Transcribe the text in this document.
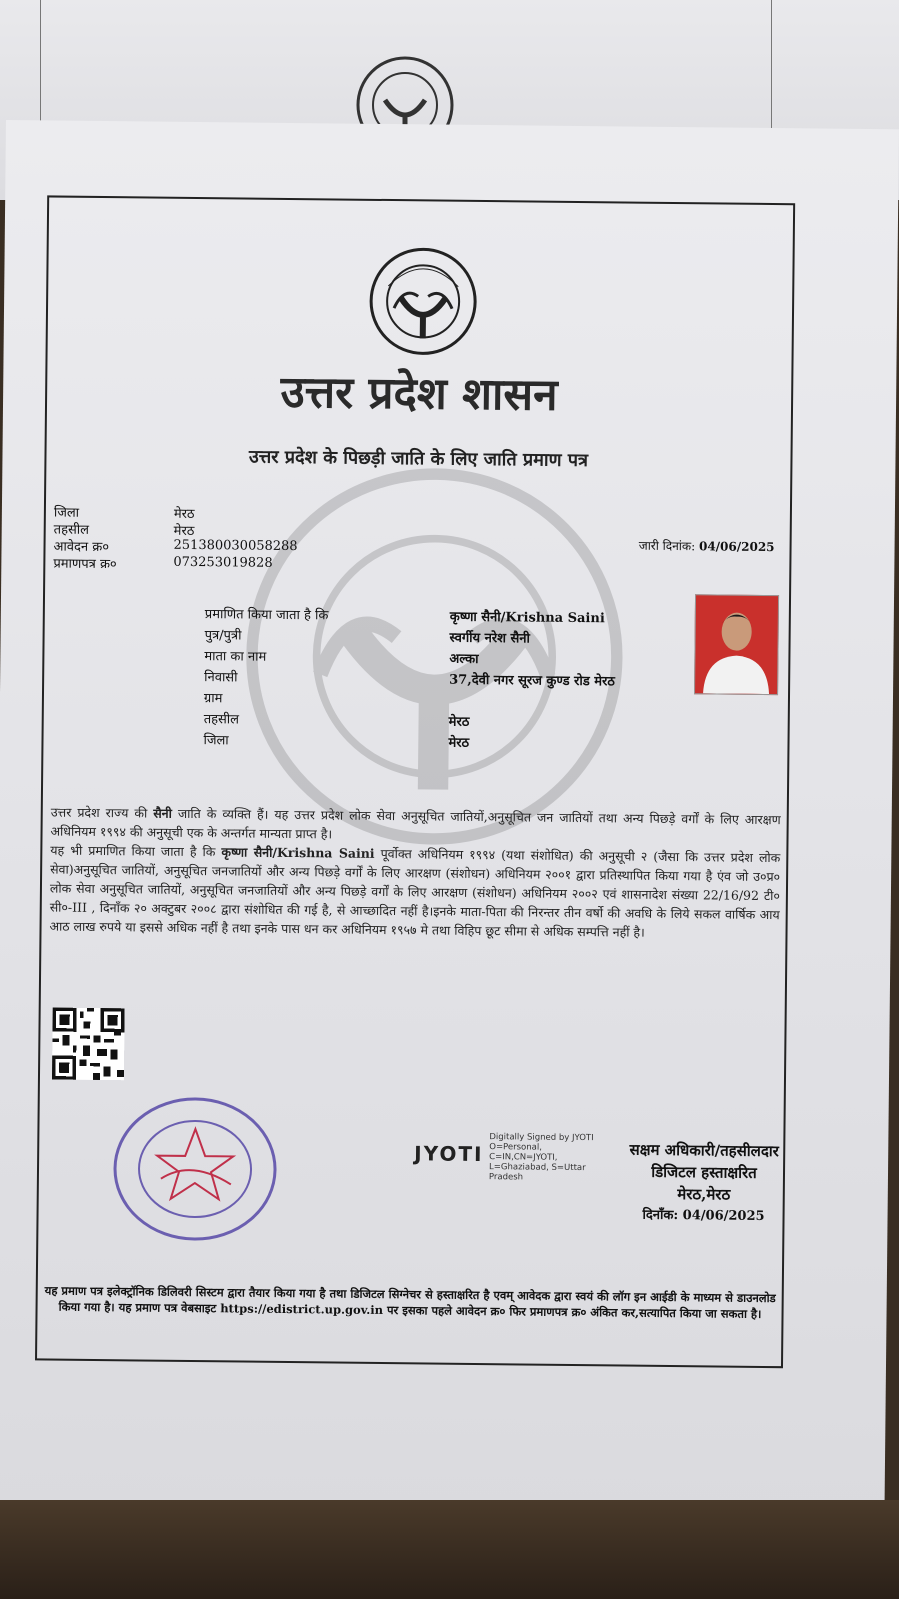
उत्तर प्रदेश शासन
उत्तर प्रदेश के पिछड़ी जाति के लिए जाति प्रमाण पत्र
जिला	मेरठ
तहसील	मेरठ
आवेदन क्र०	251380030058288
प्रमाणपत्र क्र०	073253019828
जारी दिनांक: 04/06/2025
प्रमाणित किया जाता है कि	कृष्णा सैनी/Krishna Saini
पुत्र/पुत्री	स्वर्गीय नरेश सैनी
माता का नाम	अल्का
निवासी	37,देवी नगर सूरज कुण्ड रोड मेरठ
ग्राम
तहसील	मेरठ
जिला	मेरठ
उत्तर प्रदेश राज्य की सैनी जाति के व्यक्ति हैं। यह उत्तर प्रदेश लोक सेवा अनुसूचित जातियों,अनुसूचित जन जातियों तथा अन्य पिछड़े वर्गों के लिए आरक्षण अधिनियम १९९४ की अनुसूची एक के अन्तर्गत मान्यता प्राप्त है।
यह भी प्रमाणित किया जाता है कि कृष्णा सैनी/Krishna Saini पूर्वोक्त अधिनियम १९९४ (यथा संशोधित) की अनुसूची २ (जैसा कि उत्तर प्रदेश लोक सेवा)अनुसूचित जातियों, अनुसूचित जनजातियों और अन्य पिछड़े वर्गों के लिए आरक्षण (संशोधन) अधिनियम २००१ द्वारा प्रतिस्थापित किया गया है एंव जो उ०प्र० लोक सेवा अनुसूचित जातियों, अनुसूचित जनजातियों और अन्य पिछड़े वर्गों के लिए आरक्षण (संशोधन) अधिनियम २००२ एवं शासनादेश संख्या 22/16/92 टी० सी०-III , दिनाँक २० अक्टुबर २००८ द्वारा संशोधित की गई है, से आच्छादित नहीं है।इनके माता-पिता की निरन्तर तीन वर्षो की अवधि के लिये सकल वार्षिक आय आठ लाख रुपये या इससे अधिक नहीं है तथा इनके पास धन कर अधिनियम १९५७ मे तथा विहिप छूट सीमा से अधिक सम्पत्ति नहीं है।
JYOTI
Digitally Signed by JYOTI
O=Personal,
C=IN,CN=JYOTI,
L=Ghaziabad, S=Uttar
Pradesh
सक्षम अधिकारी/तहसीलदार
डिजिटल हस्ताक्षरित
मेरठ,मेरठ
दिनाँक: 04/06/2025
यह प्रमाण पत्र इलेक्ट्रॉनिक डिलिवरी सिस्टम द्वारा तैयार किया गया है तथा डिजिटल सिग्नेचर से हस्ताक्षरित है एवम् आवेदक द्वारा स्वयं की लॉग इन आईडी के माध्यम से डाउनलोड किया गया है। यह प्रमाण पत्र वेबसाइट https://edistrict.up.gov.in पर इसका पहले आवेदन क्र० फिर प्रमाणपत्र क्र० अंकित कर,सत्यापित किया जा सकता है।
